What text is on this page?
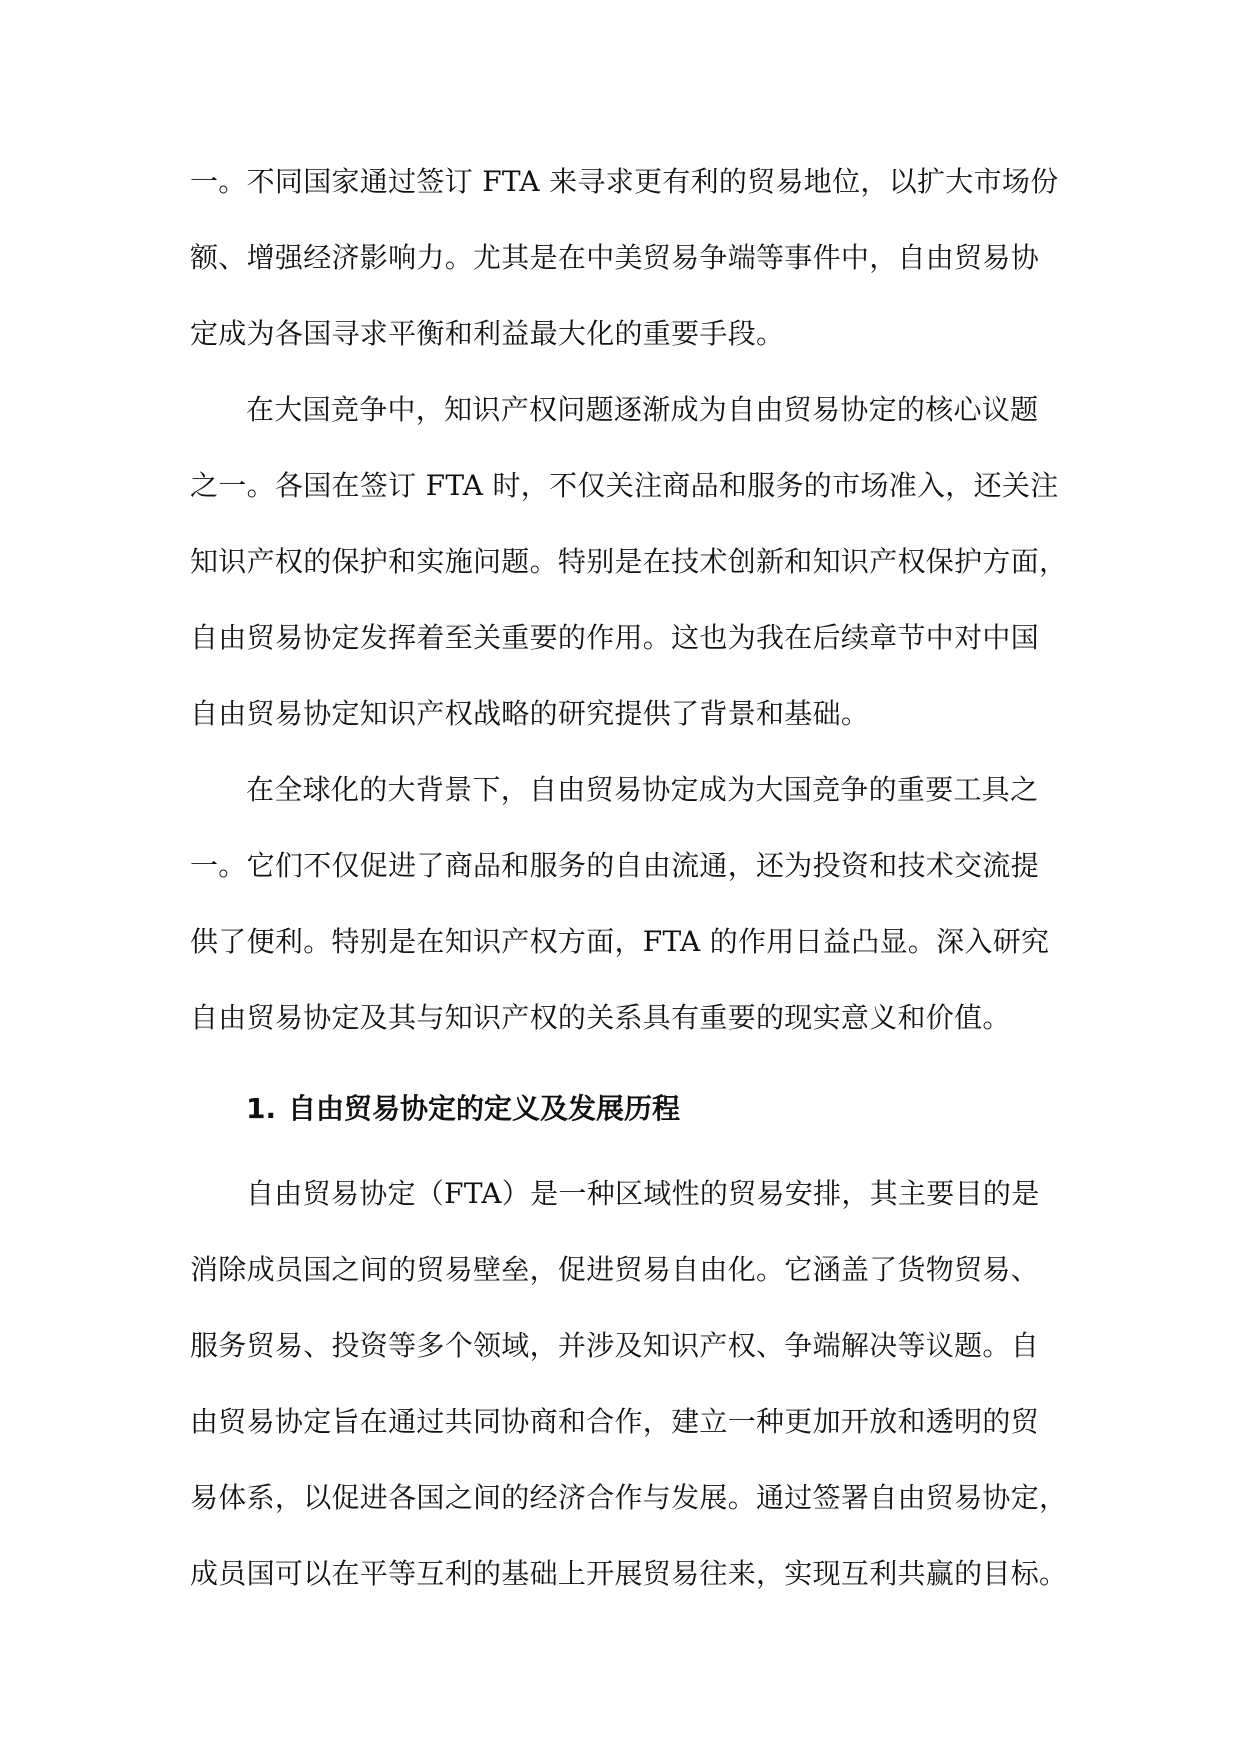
一。不同国家通过签订 FTA 来寻求更有利的贸易地位，以扩大市场份
额、增强经济影响力。尤其是在中美贸易争端等事件中，自由贸易协
定成为各国寻求平衡和利益最大化的重要手段。
在大国竞争中，知识产权问题逐渐成为自由贸易协定的核心议题
之一。各国在签订 FTA 时，不仅关注商品和服务的市场准入，还关注
知识产权的保护和实施问题。特别是在技术创新和知识产权保护方面，
自由贸易协定发挥着至关重要的作用。这也为我在后续章节中对中国
自由贸易协定知识产权战略的研究提供了背景和基础。
在全球化的大背景下，自由贸易协定成为大国竞争的重要工具之
一。它们不仅促进了商品和服务的自由流通，还为投资和技术交流提
供了便利。特别是在知识产权方面，FTA 的作用日益凸显。深入研究
自由贸易协定及其与知识产权的关系具有重要的现实意义和价值。
1. 自由贸易协定的定义及发展历程
自由贸易协定（FTA）是一种区域性的贸易安排，其主要目的是
消除成员国之间的贸易壁垒，促进贸易自由化。它涵盖了货物贸易、
服务贸易、投资等多个领域，并涉及知识产权、争端解决等议题。自
由贸易协定旨在通过共同协商和合作，建立一种更加开放和透明的贸
易体系，以促进各国之间的经济合作与发展。通过签署自由贸易协定，
成员国可以在平等互利的基础上开展贸易往来，实现互利共赢的目标。
